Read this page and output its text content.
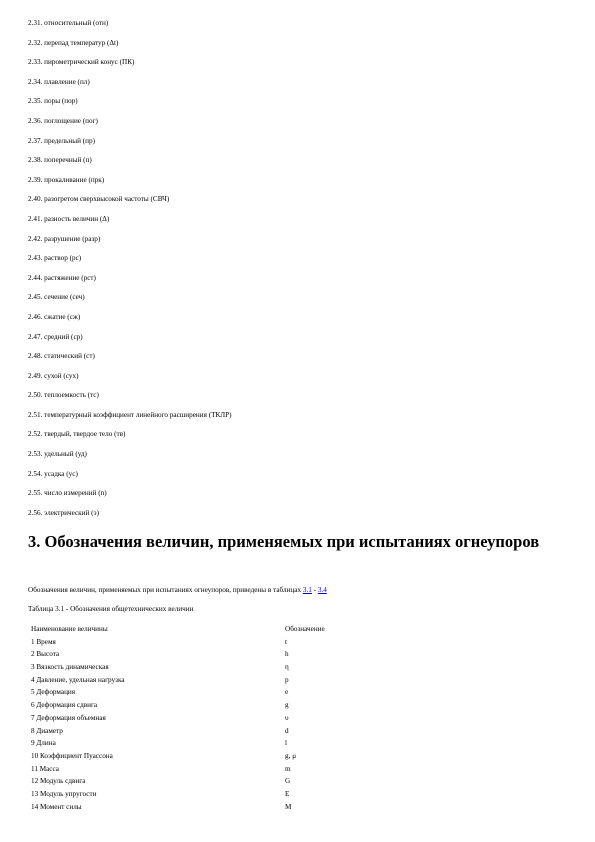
2.31. относительный (отн)
2.32. перепад температур (Δt)
2.33. пирометрический конус (ПК)
2.34. плавление (пл)
2.35. поры (пор)
2.36. поглощение (пог)
2.37. предельный (пр)
2.38. поперечный (п)
2.39. прокаливание (прк)
2.40. разогретом сверхвысокой частоты (СВЧ)
2.41. разность величин (Δ)
2.42. разрушение (разр)
2.43. раствор (рс)
2.44. растяжение (рст)
2.45. сечение (сеч)
2.46. сжатие (сж)
2.47. средний (ср)
2.48. статический (ст)
2.49. сухой (сух)
2.50. теплоемкость (тс)
2.51. температурный коэффициент линейного расширения (ТКЛР)
2.52. твердый, твердое тело (тв)
2.53. удельный (уд)
2.54. усадка (ус)
2.55. число измерений (n)
2.56. электрический (э)
3. Обозначения величин, применяемых при испытаниях огнеупоров
Обозначения величин, применяемых при испытаниях огнеупоров, приведены в таблицах 3.1 - 3.4
Таблица 3.1 - Обозначения общетехнических величин
Наименование величины	Обозначение
1 Время	t
2 Высота	h
3 Вязкость динамическая	η
4 Давление, удельная нагрузка	p
5 Деформация	e
6 Деформация сдвига	g
7 Деформация объемная	υ
8 Диаметр	d
9 Длина	l
10 Коэффициент Пуассона	g, μ
11 Масса	m
12 Модуль сдвига	G
13 Модуль упругости	E
14 Момент силы	M
